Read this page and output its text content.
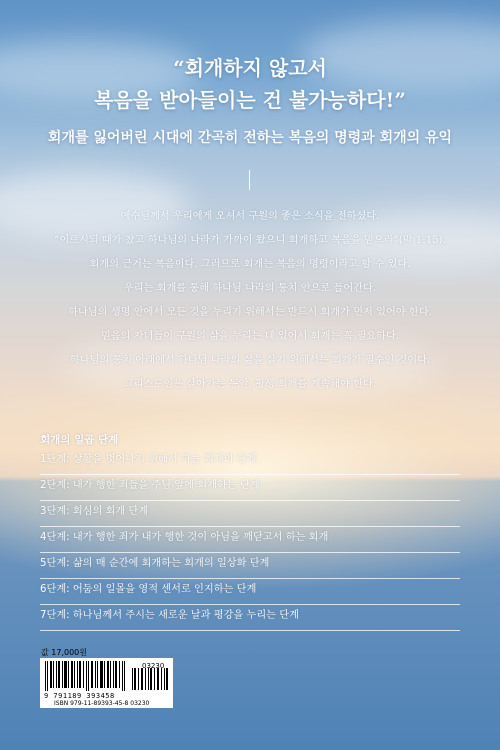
“회개하지 않고서
복음을 받아들이는 건 불가능하다!”
회개를 잃어버린 시대에 간곡히 전하는 복음의 명령과 회개의 유익
예수님께서 우리에게 오셔서 구원의 좋은 소식을 전하셨다.
“이르시되 때가 찼고 하나님의 나라가 가까이 왔으니 회개하고 복음을 믿으라”(막 1:15).
회개의 근거는 복음이다. 그러므로 회개는 복음의 명령이라고 할 수 있다.
우리는 회개를 통해 하나님 나라의 통치 안으로 들어간다.
하나님의 생명 안에서 모든 것을 누리기 위해서는 반드시 회개가 먼저 있어야 한다.
믿음의 자녀들이 구원의 삶을 누리는 데 있어서 회개는 꼭 필요하다.
하나님의 통치 아래에서 하나님 나라의 삶을 살기 위해서는 회개가 필수인 것이다.
그리스도인은 살아가는 동안, 평생 회개를 계속해야 한다.
회개의 일곱 단계
1단계: 상황을 벗어나기 위해서 하는 회개의 단계
2단계: 내가 행한 죄들을 주님 앞에 회개하는 단계
3단계: 회심의 회개 단계
4단계: 내가 행한 죄가 내가 행한 것이 아님을 깨닫고서 하는 회개
5단계: 삶의 매 순간에 회개하는 회개의 일상화 단계
6단계: 어둠의 일몰을 영적 센서로 인지하는 단계
7단계: 하나님께서 주시는 새로운 날과 평강을 누리는 단계
값 17,000원
03230
9 791189 393458
ISBN 979-11-89393-45-8 03230
